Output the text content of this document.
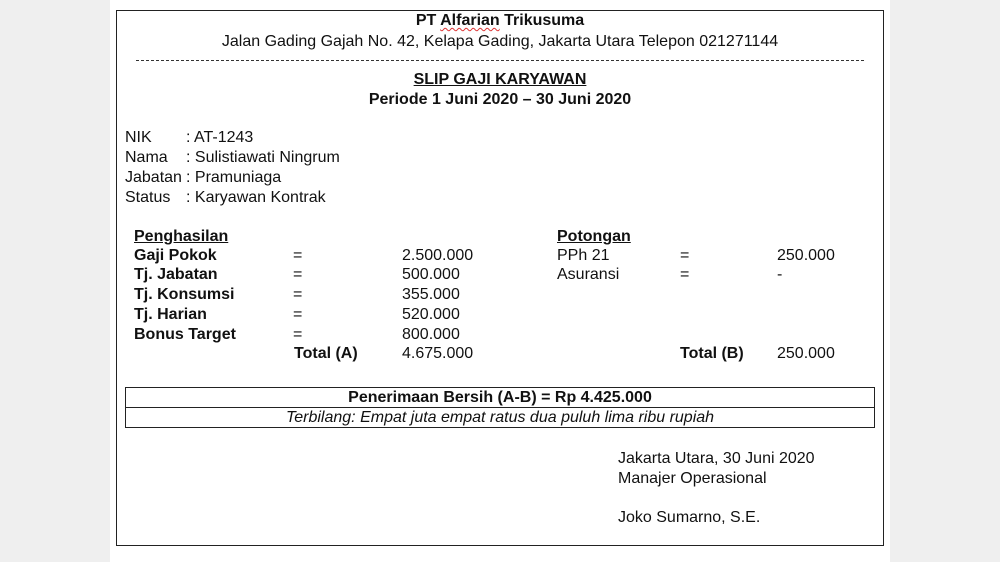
PT Alfarian Trikusuma
Jalan Gading Gajah No. 42, Kelapa Gading, Jakarta Utara Telepon 021271144
SLIP GAJI KARYAWAN
Periode 1 Juni 2020 – 30 Juni 2020
NIK : AT-1243
Nama : Sulistiawati Ningrum
Jabatan : Pramuniaga
Status : Karyawan Kontrak
Penghasilan
Gaji Pokok	=	2.500.000
Tj. Jabatan	=	500.000
Tj. Konsumsi	=	355.000
Tj. Harian	=	520.000
Bonus Target	=	800.000
Total (A)	4.675.000
Potongan
PPh 21	=	250.000
Asuransi	=	-
Total (B) 250.000
Penerimaan Bersih (A-B) = Rp 4.425.000
Terbilang: Empat juta empat ratus dua puluh lima ribu rupiah
Jakarta Utara, 30 Juni 2020
Manajer Operasional
Joko Sumarno, S.E.
